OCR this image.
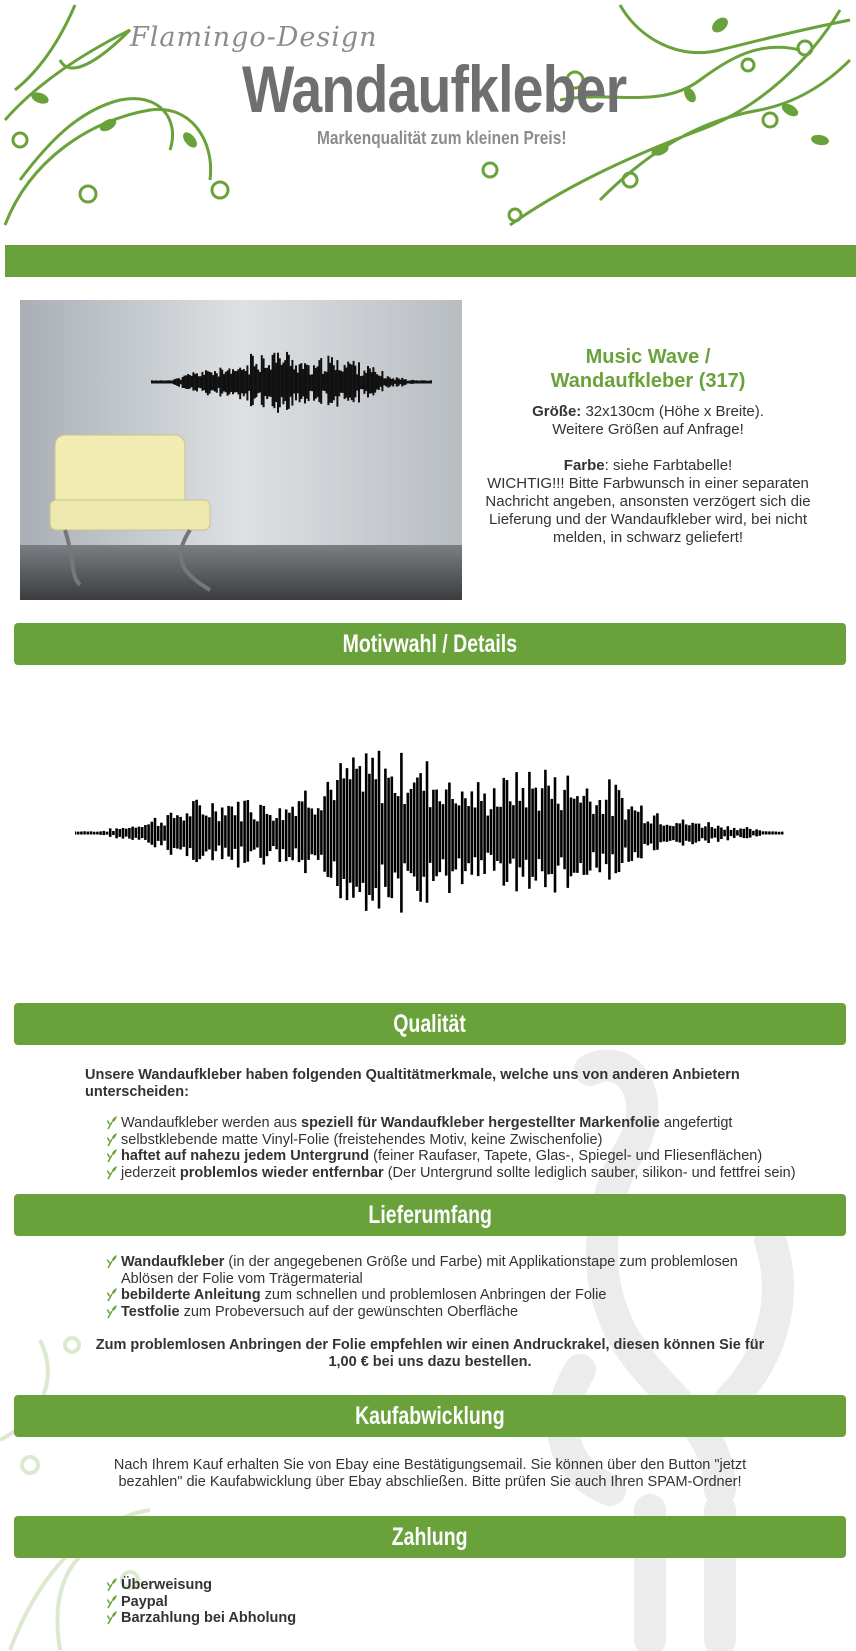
Flamingo-Design
Wandaufkleber
Markenqualität zum kleinen Preis!
Music Wave /
Wandaufkleber (317)
Größe: 32x130cm (Höhe x Breite).
Weitere Größen auf Anfrage!
Farbe: siehe Farbtabelle!
WICHTIG!!! Bitte Farbwunsch in einer separaten Nachricht angeben, ansonsten verzögert sich die Lieferung und der Wandaufkleber wird, bei nicht melden, in schwarz geliefert!
Motivwahl / Details
Qualität
Unsere Wandaufkleber haben folgenden Qualtitätmerkmale, welche uns von anderen Anbietern unterscheiden:
Wandaufkleber werden aus speziell für Wandaufkleber hergestellter Markenfolie angefertigt
selbstklebende matte Vinyl-Folie (freistehendes Motiv, keine Zwischenfolie)
haftet auf nahezu jedem Untergrund (feiner Raufaser, Tapete, Glas-, Spiegel- und Fliesenflächen)
jederzeit problemlos wieder entfernbar (Der Untergrund sollte lediglich sauber, silikon- und fettfrei sein)
Lieferumfang
Wandaufkleber (in der angegebenen Größe und Farbe) mit Applikationstape zum problemlosen Ablösen der Folie vom Trägermaterial
bebilderte Anleitung zum schnellen und problemlosen Anbringen der Folie
Testfolie zum Probeversuch auf der gewünschten Oberfläche
Zum problemlosen Anbringen der Folie empfehlen wir einen Andruckrakel, diesen können Sie für 1,00 € bei uns dazu bestellen.
Kaufabwicklung
Nach Ihrem Kauf erhalten Sie von Ebay eine Bestätigungsemail. Sie können über den Button "jetzt bezahlen" die Kaufabwicklung über Ebay abschließen. Bitte prüfen Sie auch Ihren SPAM-Ordner!
Zahlung
Überweisung
Paypal
Barzahlung bei Abholung
